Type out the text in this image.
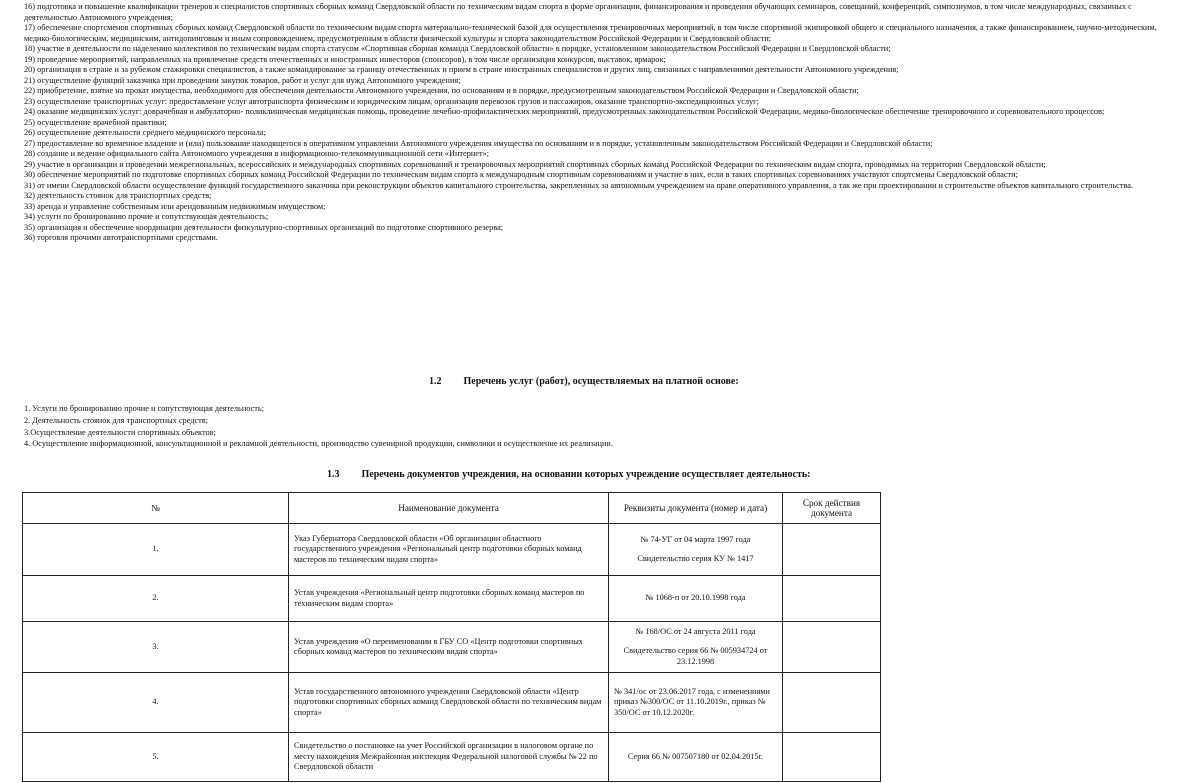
16) подготовка и повышение квалификации тренеров и специалистов спортивных сборных команд Свердловской области по техническим видам спорта в форме организации, финансирования и проведения обучающих семинаров, совещаний, конференций, симпозиумов, в том числе международных, связанных с деятельностью Автономного учреждения;

17) обеспечение спортсменов спортивных сборных команд Свердловской области по техническим видам спорта материально-технической базой для осуществления тренировочных мероприятий, в том числе спортивной экипировкой общего и специального назначения, а также финансированием, научно-методическим, медико-биологическим, медицинским, антидопинговым и иным сопровождением, предусмотренным в области физической культуры и спорта законодательством Российской Федерации и Свердловской области;

18) участие в деятельности по наделению коллективов по техническим видам спорта статусом «Спортивная сборная команда Свердловской области» в порядке, установленном законодательством Российской Федерации и Свердловской области;

19) проведение мероприятий, направленных на привлечение средств отечественных и иностранных инвесторов (спонсоров), в том числе организация конкурсов, выставок, ярмарок;

20) организация в стране и за рубежом стажировки специалистов, а также командирование за границу отечественных и прием в стране иностранных специалистов и других лиц, связанных с направлениями деятельности Автономного учреждения;

21) осуществление функций заказчика при проведении закупок товаров, работ и услуг для нужд Автономного учреждения;

22) приобретение, взятие на прокат имущества, необходимого для обеспечения деятельности Автономного учреждения, по основаниям и в порядке, предусмотренным законодательством Российской Федерации и Свердловской области;

23) осуществление транспортных услуг: предоставление услуг автотранспорта физическим и юридическим лицам, организация перевозок грузов и пассажиров, оказание транспортно-экспедиционных услуг;

24) оказание медицинских услуг: доврачебная и амбулаторно- поликлиническая медицинская помощь, проведение лечебно-профилактических мероприятий, предусмотренных законодательством Российской Федерации, медико-биологическое обеспечение тренировочного и соревновательного процессов;

25) осуществление врачебной практики;

26) осуществление деятельности среднего медицинского персонала;

27) предоставление во временное владение и (или) пользование находящегося в оперативном управлении Автономного учреждения имущества по основаниям и в порядке, установленным законодательством Российской Федерации и Свердловской области;

28) создание и ведение официального сайта Автономного учреждения в информационно-телекоммуникационной сети «Интернет»;

29) участие в организации и проведении межрегиональных, всероссийских и международных спортивных соревнований и тренировочных мероприятий спортивных сборных команд Российской Федерации по техническим видам спорта, проводимых на территории Свердловской области;

30) обеспечение мероприятий по подготовке спортивных сборных команд Российской Федерации по техническим видам спорта к международным спортивным соревнованиям и участие в них, если в таких спортивных соревнованиях участвуют спортсмены Свердловской области;

31) от имени Свердловской области осуществление функций государственного заказчика при реконструкции объектов капитального строительства, закрепленных за автономным учреждением на праве оперативного управления, а так же при проектировании и строительстве объектов капитального строительства.

32) деятельность стоянок для транспортных средств;

33) аренда и управление собственным или арендованным недвижимым имуществом;

34) услуги по бронированию прочие и сопутствующая деятельность;

35) организация и обеспечение координации деятельности физкультурно-спортивных организаций по подготовке спортивного резерва;

36) торговля прочими автотранспортными средствами.

1.2 Перечень услуг (работ), осуществляемых на платной основе:

1. Услуги по бронированию прочие и сопутствующая деятельность;

2. Деятельность стоянок для транспортных средств;

3.Осуществление деятельности спортивных объектов;

4. Осуществление информационной, консультационной и рекламной деятельности, производство сувенирной продукции, символики и осуществление их реализации.

1.3 Перечень документов учреждения, на основании которых учреждение осуществляет деятельность:
№	Наименование документа	Реквизиты документа (номер и дата)	Срок действия документа
1.	Указ Губернатора Свердловской области «Об организации областного государственного учреждения «Региональный центр подготовки сборных команд мастеров по техническим видам спорта»	№ 74-УГ от 04 марта 1997 года
Свидетельство серия КУ № 1417	
2.	Устав учреждения «Региональный центр подготовки сборных команд мастеров по техническим видам спорта»	№ 1068-п от 20.10.1998 года	
3.	Устав учреждения «О переименовании в ГБУ СО «Центр подготовки спортивных сборных команд мастеров по техническим видам спорта»	№ 168/ОС от 24 августа 2011 года
Свидетельство серия 66 № 005934724 от 23.12.1998	
4.	Устав государственного автономного учреждения Свердловской области «Центр подготовки спортивных сборных команд Свердловской области по техническим видам спорта»	№ 341/ос от 23.06.2017 года, с изменениями приказ №300/ОС от 11.10.2019г., приказ № 350/ОС от 10.12.2020г.	
5.	Свидетельство о постановке на учет Российской организации в налоговом органе по месту нахождения Межрайонная инспекция Федеральной налоговой службы № 22 по Свердловской области	Серия 66 № 007507180 от 02.04.2015г.	
